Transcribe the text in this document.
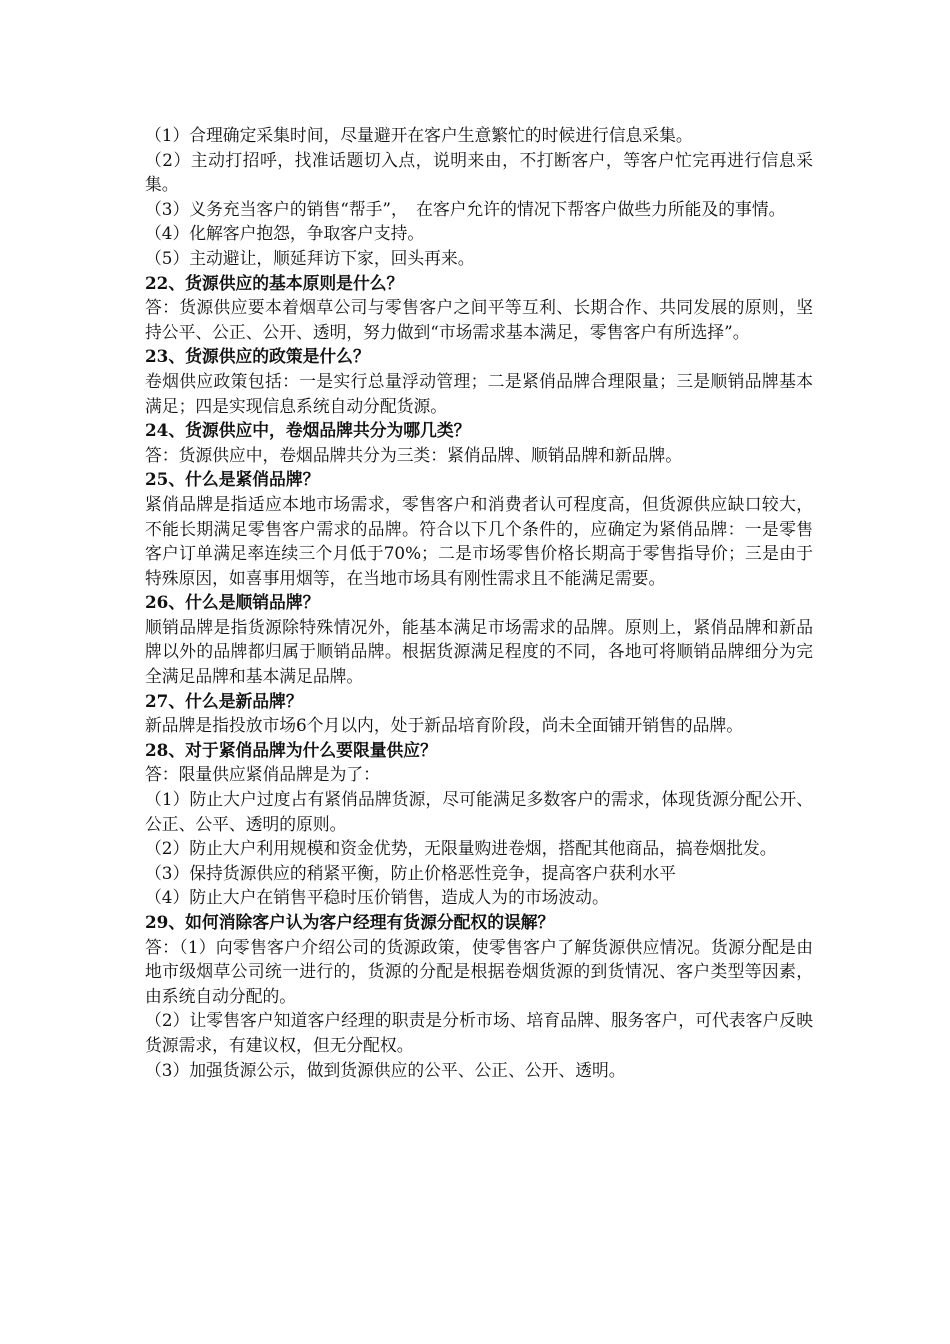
（1）合理确定采集时间，尽量避开在客户生意繁忙的时候进行信息采集。

（2）主动打招呼，找准话题切入点，说明来由，不打断客户，等客户忙完再进行信息采集。

（3）义务充当客户的销售“帮手”，　在客户允许的情况下帮客户做些力所能及的事情。

（4）化解客户抱怨，争取客户支持。

（5）主动避让，顺延拜访下家，回头再来。

22、货源供应的基本原则是什么？

答：货源供应要本着烟草公司与零售客户之间平等互利、长期合作、共同发展的原则，坚持公平、公正、公开、透明，努力做到“市场需求基本满足，零售客户有所选择”。

23、货源供应的政策是什么？

卷烟供应政策包括：一是实行总量浮动管理；二是紧俏品牌合理限量；三是顺销品牌基本满足；四是实现信息系统自动分配货源。

24、货源供应中，卷烟品牌共分为哪几类？

答：货源供应中，卷烟品牌共分为三类：紧俏品牌、顺销品牌和新品牌。

25、什么是紧俏品牌？

紧俏品牌是指适应本地市场需求，零售客户和消费者认可程度高，但货源供应缺口较大，不能长期满足零售客户需求的品牌。符合以下几个条件的，应确定为紧俏品牌：一是零售客户订单满足率连续三个月低于70%；二是市场零售价格长期高于零售指导价；三是由于特殊原因，如喜事用烟等，在当地市场具有刚性需求且不能满足需要。

26、什么是顺销品牌？

顺销品牌是指货源除特殊情况外，能基本满足市场需求的品牌。原则上，紧俏品牌和新品牌以外的品牌都归属于顺销品牌。根据货源满足程度的不同，各地可将顺销品牌细分为完全满足品牌和基本满足品牌。

27、什么是新品牌？

新品牌是指投放市场6个月以内，处于新品培育阶段，尚未全面铺开销售的品牌。

28、对于紧俏品牌为什么要限量供应？

答：限量供应紧俏品牌是为了：

（1）防止大户过度占有紧俏品牌货源，尽可能满足多数客户的需求，体现货源分配公开、公正、公平、透明的原则。

（2）防止大户利用规模和资金优势，无限量购进卷烟，搭配其他商品，搞卷烟批发。

（3）保持货源供应的稍紧平衡，防止价格恶性竞争，提高客户获利水平

（4）防止大户在销售平稳时压价销售，造成人为的市场波动。

29、如何消除客户认为客户经理有货源分配权的误解？

答：（1）向零售客户介绍公司的货源政策，使零售客户了解货源供应情况。货源分配是由地市级烟草公司统一进行的，货源的分配是根据卷烟货源的到货情况、客户类型等因素，由系统自动分配的。

（2）让零售客户知道客户经理的职责是分析市场、培育品牌、服务客户，可代表客户反映货源需求，有建议权，但无分配权。

（3）加强货源公示，做到货源供应的公平、公正、公开、透明。
